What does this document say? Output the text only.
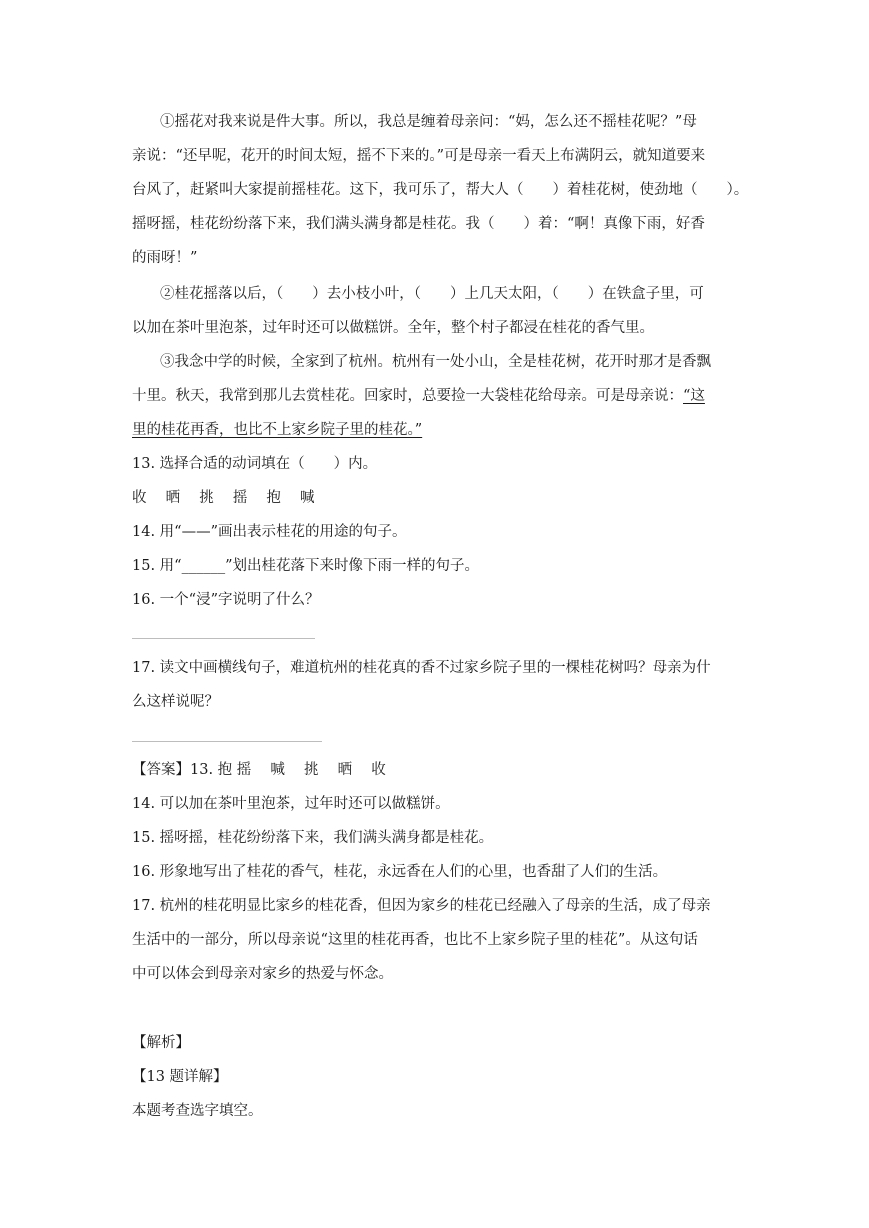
①摇花对我来说是件大事。所以，我总是缠着母亲问：“妈，怎么还不摇桂花呢？”母
亲说：“还早呢，花开的时间太短，摇不下来的。”可是母亲一看天上布满阴云，就知道要来
台风了，赶紧叫大家提前摇桂花。这下，我可乐了，帮大人（　　）着桂花树，使劲地（　　）。
摇呀摇，桂花纷纷落下来，我们满头满身都是桂花。我（　　）着：“啊！真像下雨，好香
的雨呀！”
②桂花摇落以后，（　　）去小枝小叶，（　　）上几天太阳，（　　）在铁盒子里，可
以加在茶叶里泡茶，过年时还可以做糕饼。全年，整个村子都浸在桂花的香气里。
③我念中学的时候，全家到了杭州。杭州有一处小山，全是桂花树，花开时那才是香飘
十里。秋天，我常到那儿去赏桂花。回家时，总要捡一大袋桂花给母亲。可是母亲说：“这
里的桂花再香，也比不上家乡院子里的桂花。”
13. 选择合适的动词填在（　　）内。
收　 晒　 挑　 摇　 抱　 喊
14. 用“——”画出表示桂花的用途的句子。
15. 用“______”划出桂花落下来时像下雨一样的句子。
16. 一个“浸”字说明了什么？
17. 读文中画横线句子，难道杭州的桂花真的香不过家乡院子里的一棵桂花树吗？母亲为什
么这样说呢？
【答案】13. 抱 摇　 喊　 挑　 晒　 收
14. 可以加在茶叶里泡茶，过年时还可以做糕饼。
15. 摇呀摇，桂花纷纷落下来，我们满头满身都是桂花。
16. 形象地写出了桂花的香气，桂花，永远香在人们的心里，也香甜了人们的生活。
17. 杭州的桂花明显比家乡的桂花香，但因为家乡的桂花已经融入了母亲的生活，成了母亲
生活中的一部分，所以母亲说“这里的桂花再香，也比不上家乡院子里的桂花”。从这句话
中可以体会到母亲对家乡的热爱与怀念。
【解析】
【13 题详解】
本题考查选字填空。
